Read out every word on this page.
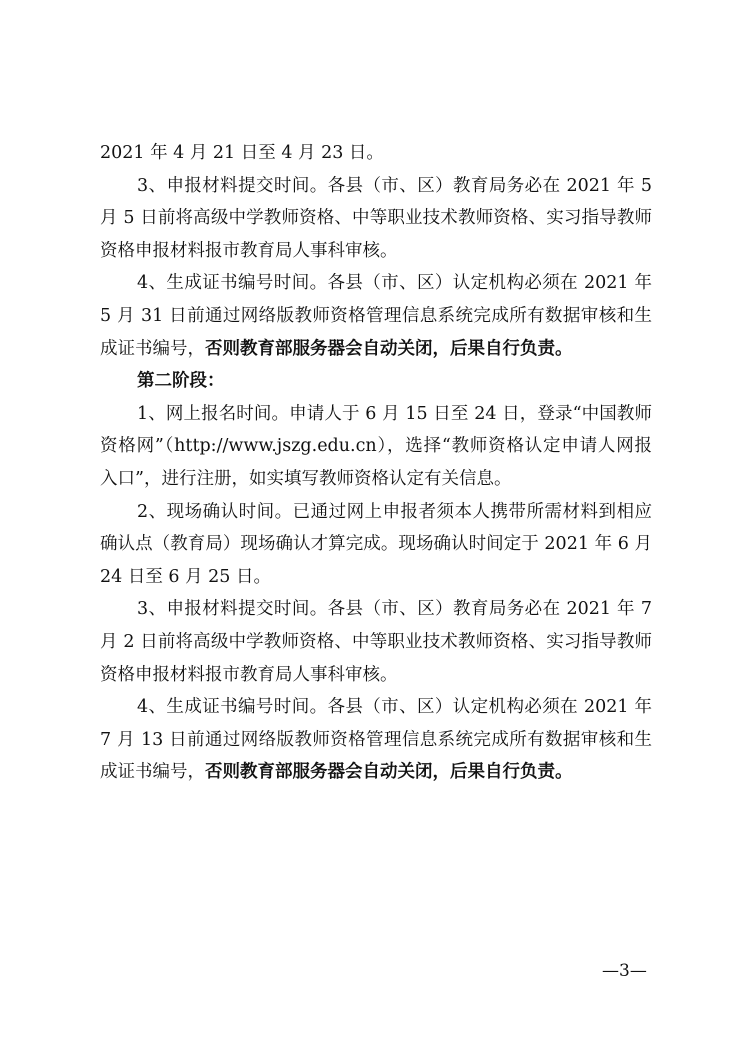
2021 年 4 月 21 日至 4 月 23 日。

3、申报材料提交时间。各县（市、区）教育局务必在 2021 年 5 月 5 日前将高级中学教师资格、中等职业技术教师资格、实习指导教师资格申报材料报市教育局人事科审核。

4、生成证书编号时间。各县（市、区）认定机构必须在 2021 年 5 月 31 日前通过网络版教师资格管理信息系统完成所有数据审核和生成证书编号，否则教育部服务器会自动关闭，后果自行负责。

第二阶段：

1、网上报名时间。申请人于 6 月 15 日至 24 日，登录“中国教师资格网”（http://www.jszg.edu.cn），选择“教师资格认定申请人网报入口”，进行注册，如实填写教师资格认定有关信息。

2、现场确认时间。已通过网上申报者须本人携带所需材料到相应确认点（教育局）现场确认才算完成。现场确认时间定于 2021 年 6 月 24 日至 6 月 25 日。

3、申报材料提交时间。各县（市、区）教育局务必在 2021 年 7 月 2 日前将高级中学教师资格、中等职业技术教师资格、实习指导教师资格申报材料报市教育局人事科审核。

4、生成证书编号时间。各县（市、区）认定机构必须在 2021 年 7 月 13 日前通过网络版教师资格管理信息系统完成所有数据审核和生成证书编号，否则教育部服务器会自动关闭，后果自行负责。

—3—
